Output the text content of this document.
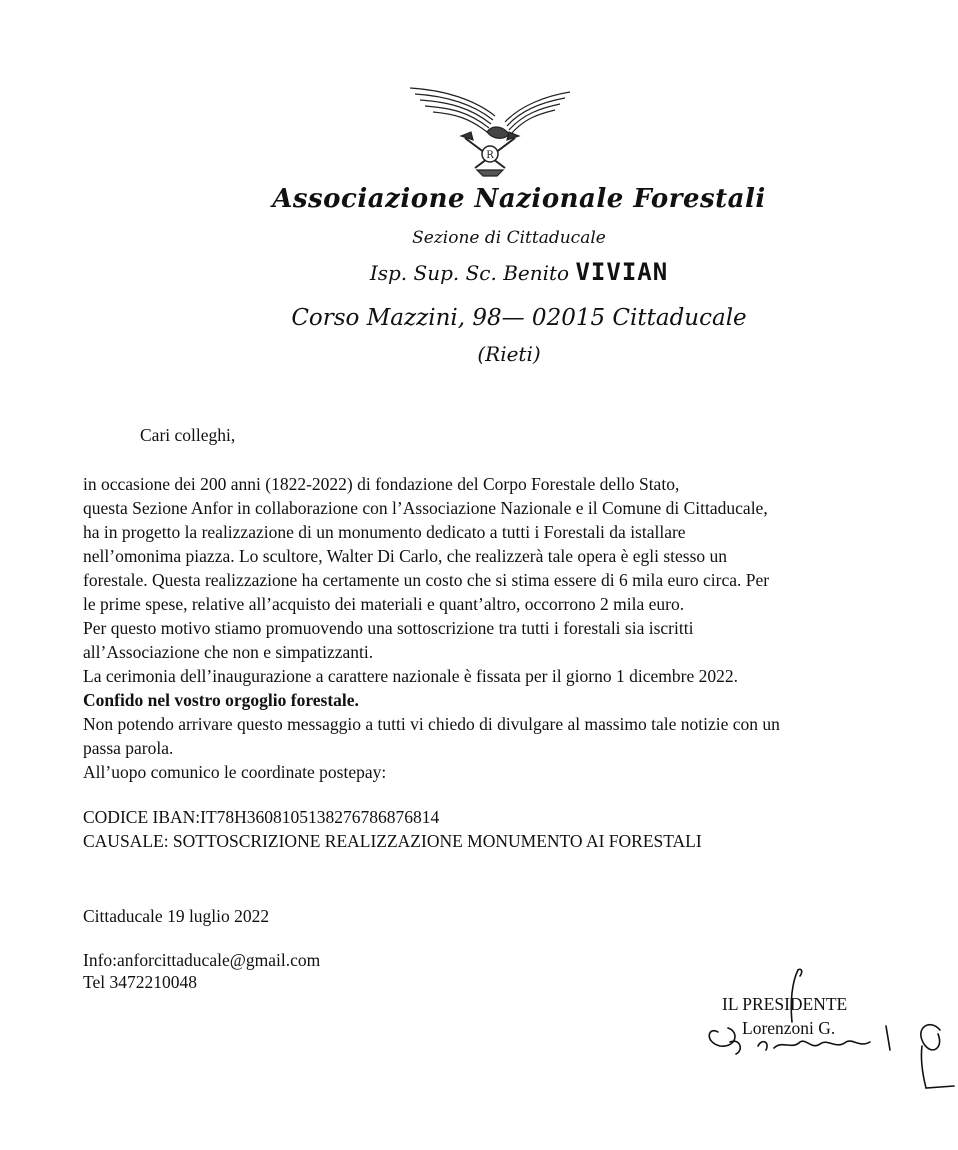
R
Associazione Nazionale Forestali
Sezione di Cittaducale
Isp. Sup. Sc. Benito VIVIAN
Corso Mazzini, 98— 02015 Cittaducale
(Rieti)
Cari colleghi,
in occasione dei 200 anni (1822-2022) di fondazione del Corpo Forestale dello Stato,
questa Sezione Anfor in collaborazione con l’Associazione Nazionale e il Comune di Cittaducale,
ha in progetto la realizzazione di un monumento dedicato a tutti i Forestali da istallare
nell’omonima piazza. Lo scultore, Walter Di Carlo, che realizzerà tale opera è egli stesso un
forestale. Questa realizzazione ha certamente un costo che si stima essere di 6 mila euro circa. Per
le prime spese, relative all’acquisto dei materiali e quant’altro, occorrono 2 mila euro.
Per questo motivo stiamo promuovendo una sottoscrizione tra tutti i forestali sia iscritti
all’Associazione che non e simpatizzanti.
La cerimonia dell’inaugurazione a carattere nazionale è fissata per il giorno 1 dicembre 2022.
Confido nel vostro orgoglio forestale.
Non potendo arrivare questo messaggio a tutti vi chiedo di divulgare al massimo tale notizie con un
passa parola.
All’uopo comunico le coordinate postepay:
CODICE IBAN:IT78H3608105138276786876814
CAUSALE: SOTTOSCRIZIONE REALIZZAZIONE MONUMENTO AI FORESTALI
Cittaducale 19 luglio 2022
Info:anforcittaducale@gmail.com
Tel 3472210048
IL PRESIDENTE
Lorenzoni G.
